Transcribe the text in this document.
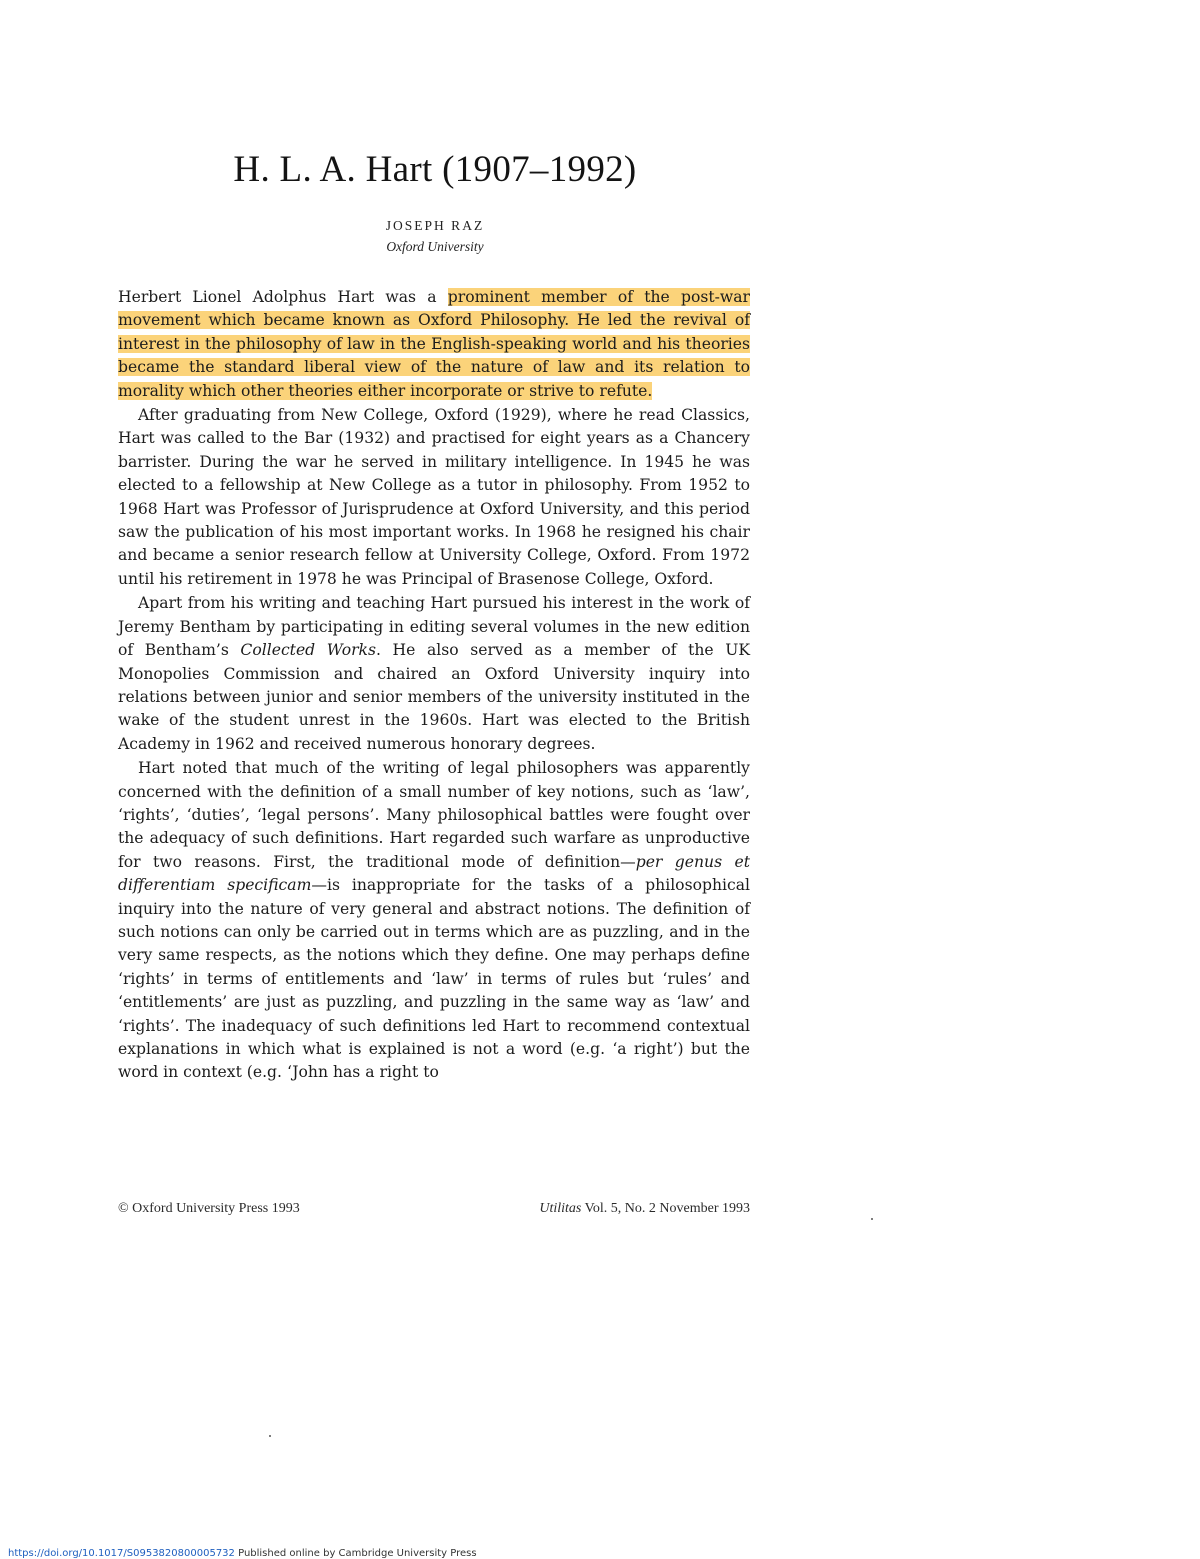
H. L. A. Hart (1907–1992)
JOSEPH RAZ
Oxford University

Herbert Lionel Adolphus Hart was a prominent member of the post-war movement which became known as Oxford Philosophy. He led the revival of interest in the philosophy of law in the English-speaking world and his theories became the standard liberal view of the nature of law and its relation to morality which other theories either incorporate or strive to refute.

After graduating from New College, Oxford (1929), where he read Classics, Hart was called to the Bar (1932) and practised for eight years as a Chancery barrister. During the war he served in military intelligence. In 1945 he was elected to a fellowship at New College as a tutor in philosophy. From 1952 to 1968 Hart was Professor of Jurisprudence at Oxford University, and this period saw the publication of his most important works. In 1968 he resigned his chair and became a senior research fellow at University College, Oxford. From 1972 until his retirement in 1978 he was Principal of Brasenose College, Oxford.

Apart from his writing and teaching Hart pursued his interest in the work of Jeremy Bentham by participating in editing several volumes in the new edition of Bentham’s Collected Works. He also served as a member of the UK Monopolies Commission and chaired an Oxford University inquiry into relations between junior and senior members of the university instituted in the wake of the student unrest in the 1960s. Hart was elected to the British Academy in 1962 and received numerous honorary degrees.

Hart noted that much of the writing of legal philosophers was apparently concerned with the definition of a small number of key notions, such as ‘law’, ‘rights’, ‘duties’, ‘legal persons’. Many philosophical battles were fought over the adequacy of such definitions. Hart regarded such warfare as unproductive for two reasons. First, the traditional mode of definition—per genus et differentiam specificam—is inappropriate for the tasks of a philosophical inquiry into the nature of very general and abstract notions. The definition of such notions can only be carried out in terms which are as puzzling, and in the very same respects, as the notions which they define. One may perhaps define ‘rights’ in terms of entitlements and ‘law’ in terms of rules but ‘rules’ and ‘entitlements’ are just as puzzling, and puzzling in the same way as ‘law’ and ‘rights’. The inadequacy of such definitions led Hart to recommend contextual explanations in which what is explained is not a word (e.g. ‘a right’) but the word in context (e.g. ‘John has a right to

© Oxford University Press 1993	Utilitas Vol. 5, No. 2 November 1993
https://doi.org/10.1017/S0953820800005732 Published online by Cambridge University Press
